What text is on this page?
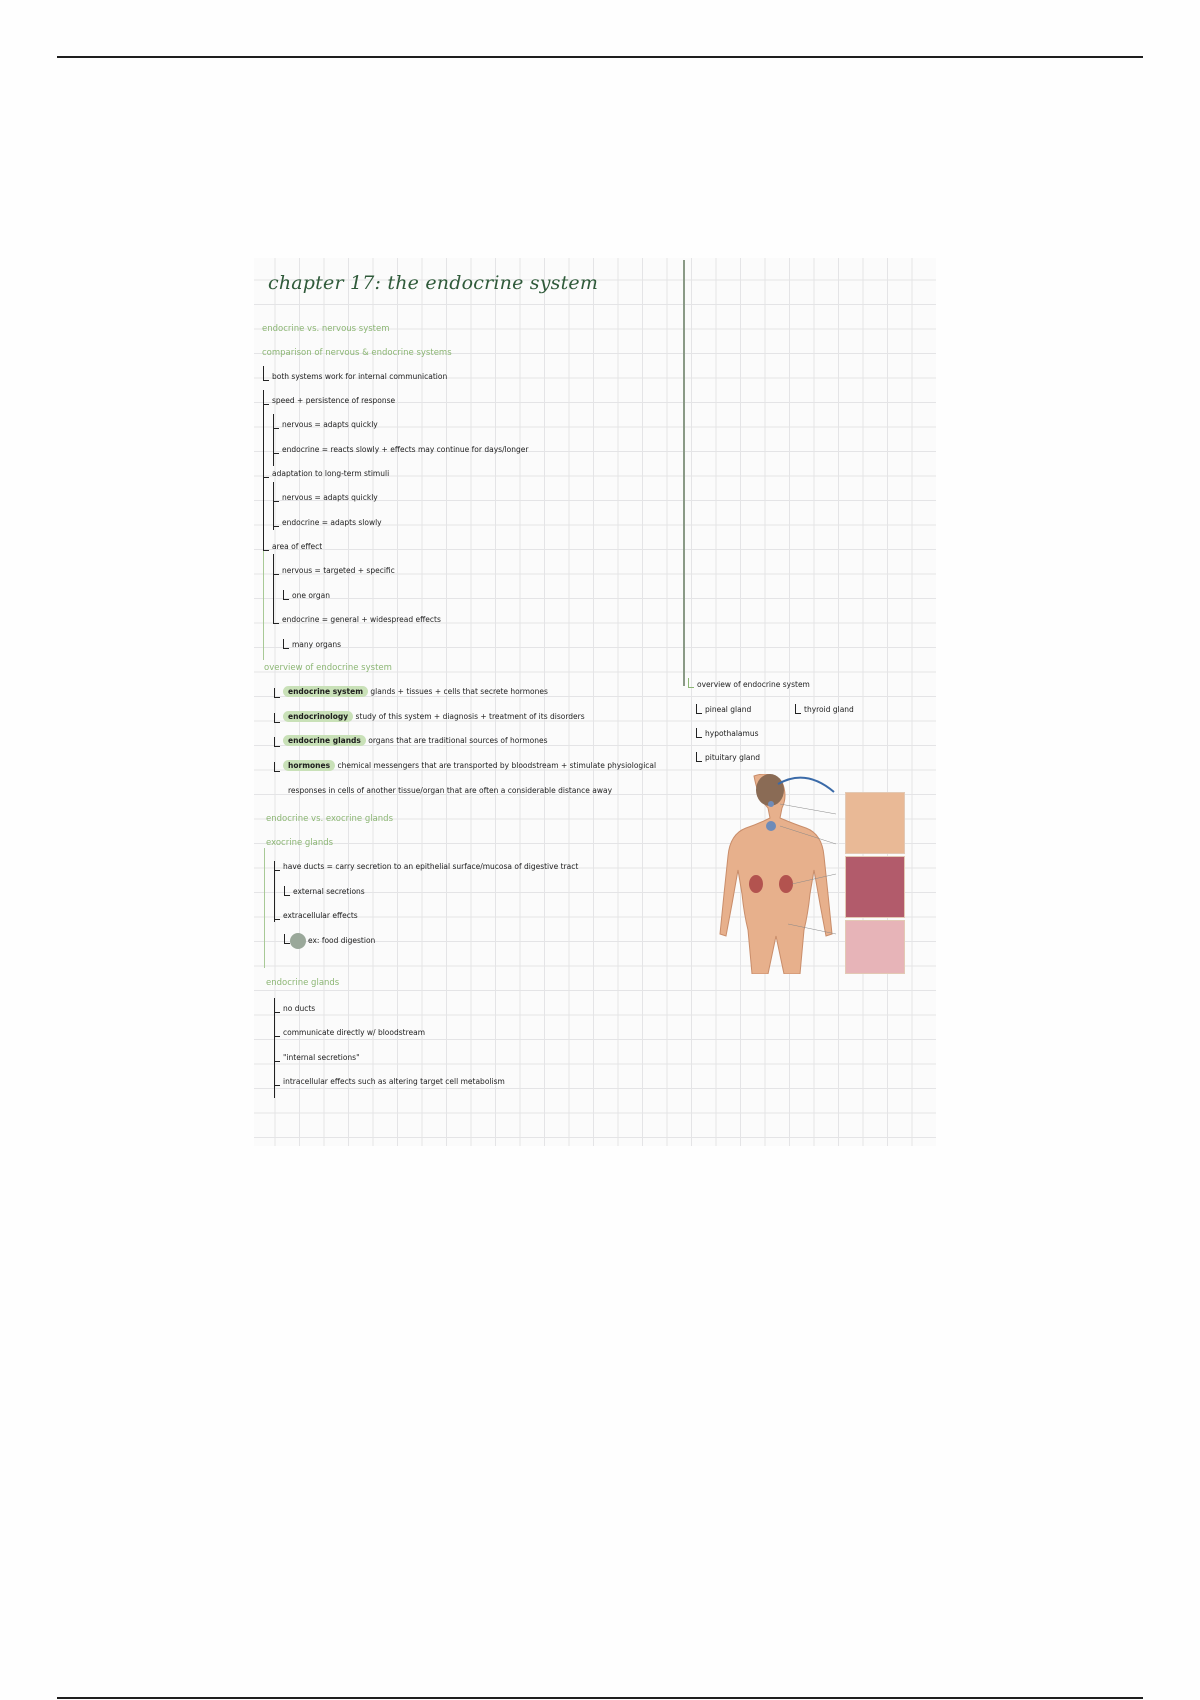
chapter 17: the endocrine system
endocrine vs. nervous system
comparison of nervous & endocrine systems
both systems work for internal communication
speed + persistence of response
nervous = adapts quickly
endocrine = reacts slowly + effects may continue for days/longer
adaptation to long-term stimuli
nervous = adapts quickly
endocrine = adapts slowly
area of effect
nervous = targeted + specific
one organ
endocrine = general + widespread effects
many organs
overview of endocrine system
endocrine system glands + tissues + cells that secrete hormones
endocrinology study of this system + diagnosis + treatment of its disorders
endocrine glands organs that are traditional sources of hormones
hormones chemical messengers that are transported by bloodstream + stimulate physiological
responses in cells of another tissue/organ that are often a considerable distance away
endocrine vs. exocrine glands
exocrine glands
have ducts = carry secretion to an epithelial surface/mucosa of digestive tract
external secretions
extracellular effects
ex: food digestion
endocrine glands
no ducts
communicate directly w/ bloodstream
"internal secretions"
intracellular effects such as altering target cell metabolism
overview of endocrine system
pineal gland	thyroid gland
hypothalamus
pituitary gland
